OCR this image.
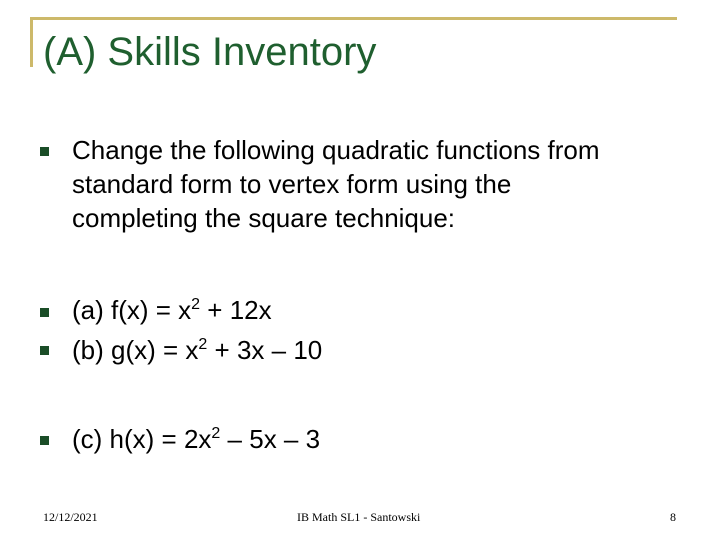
(A) Skills Inventory
Change the following quadratic functions from
standard form to vertex form using the
completing the square technique:
(a) $f(x) = x^2 + 12x$
(b) $g(x) = x^2 + 3x - 10$
(c) $h(x) = 2x^2 - 5x - 3$
12/12/2021	IB Math SL1 - Santowski	8
